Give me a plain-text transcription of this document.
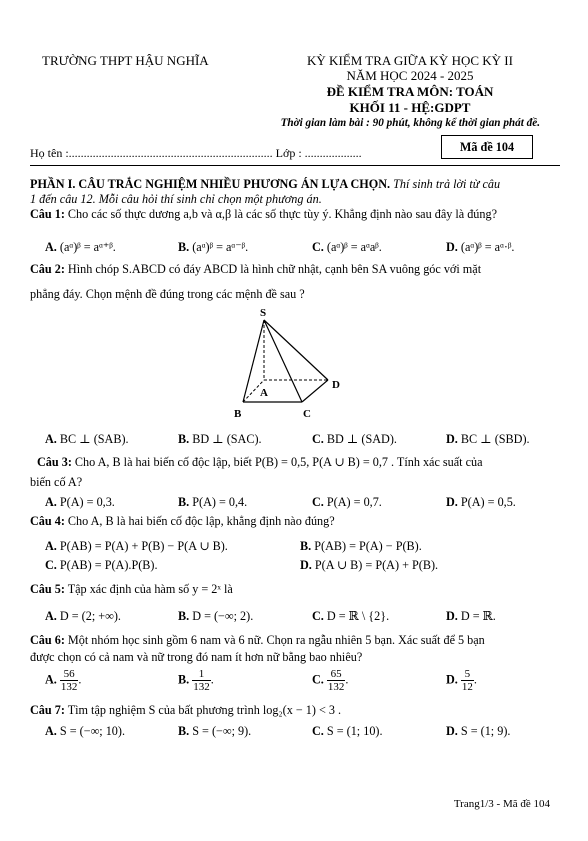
TRƯỜNG THPT HẬU NGHĨA	KỲ KIỂM TRA GIỮA KỲ HỌC KỲ II
NĂM HỌC 2024 - 2025
ĐỀ KIỂM TRA MÔN: TOÁN
KHỐI 11 - HỆ:GDPT
Thời gian làm bài : 90 phút, không kể thời gian phát đề.
Mã đề 104
Họ tên :.................................................................... Lớp : ...................
PHẦN I. CÂU TRẮC NGHIỆM NHIỀU PHƯƠNG ÁN LỰA CHỌN. Thí sinh trả lời từ câu
1 đến câu 12. Mỗi câu hỏi thí sinh chỉ chọn một phương án.
Câu 1: Cho các số thực dương a,b và α,β là các số thực tùy ý. Khẳng định nào sau đây là đúng?
A. (aᵅ)ᵝ = aᵅ⁺ᵝ.	B. (aᵅ)ᵝ = aᵅ⁻ᵝ.	C. (aᵅ)ᵝ = aᵅaᵝ.	D. (aᵅ)ᵝ = aᵅ·ᵝ.
Câu 2: Hình chóp S.ABCD có đáy ABCD là hình chữ nhật, cạnh bên SA vuông góc với mặt
phẳng đáy. Chọn mệnh đề đúng trong các mệnh đề sau ?
S
A
B	C
D
A. BC ⊥ (SAB).	B. BD ⊥ (SAC).	C. BD ⊥ (SAD).	D. BC ⊥ (SBD).
Câu 3: Cho A, B là hai biến cố độc lập, biết P(B) = 0,5, P(A ∪ B) = 0,7 . Tính xác suất của
biến cố A?
A. P(A) = 0,3.	B. P(A) = 0,4.	C. P(A) = 0,7.	D. P(A) = 0,5.
Câu 4: Cho A, B là hai biến cố độc lập, khẳng định nào đúng?
A. P(AB) = P(A) + P(B) − P(A ∪ B).	B. P(AB) = P(A) − P(B).
C. P(AB) = P(A).P(B).	D. P(A ∪ B) = P(A) + P(B).
Câu 5: Tập xác định của hàm số y = 2ˣ là
A. D = (2; +∞).	B. D = (−∞; 2).	C. D = ℝ \ {2}.	D. D = ℝ.
Câu 6: Một nhóm học sinh gồm 6 nam và 6 nữ. Chọn ra ngẫu nhiên 5 bạn. Xác suất để 5 bạn
được chọn có cả nam và nữ trong đó nam ít hơn nữ bằng bao nhiêu?
A. $\frac{56}{132}$ .	B. $\frac{1}{132}$ .	C. $\frac{65}{132}$ .	D. $\frac{5}{12}$ .
Câu 7: Tìm tập nghiệm S của bất phương trình log₂(x − 1) < 3 .
A. S = (−∞; 10).	B. S = (−∞; 9).	C. S = (1; 10).	D. S = (1; 9).
Trang1/3 - Mã đề 104
